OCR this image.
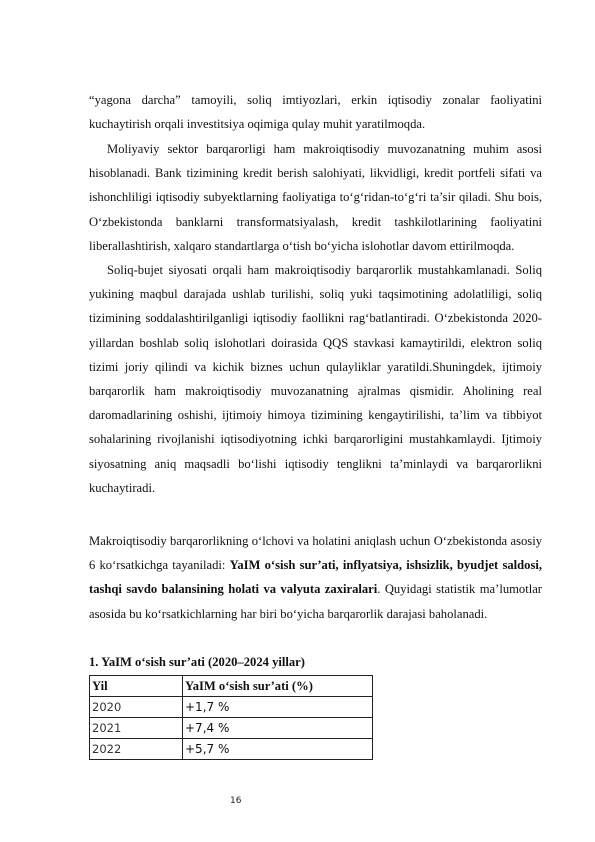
“yagona darcha” tamoyili, soliq imtiyozlari, erkin iqtisodiy zonalar faoliyatini kuchaytirish orqali investitsiya oqimiga qulay muhit yaratilmoqda.

Moliyaviy sektor barqarorligi ham makroiqtisodiy muvozanatning muhim asosi hisoblanadi. Bank tizimining kredit berish salohiyati, likvidligi, kredit portfeli sifati va ishonchliligi iqtisodiy subyektlarning faoliyatiga to‘g‘ridan-to‘g‘ri ta’sir qiladi. Shu bois, O‘zbekistonda banklarni transformatsiyalash, kredit tashkilotlarining faoliyatini liberallashtirish, xalqaro standartlarga o‘tish bo‘yicha islohotlar davom ettirilmoqda.

Soliq-bujet siyosati orqali ham makroiqtisodiy barqarorlik mustahkamlanadi. Soliq yukining maqbul darajada ushlab turilishi, soliq yuki taqsimotining adolatliligi, soliq tizimining soddalashtirilganligi iqtisodiy faollikni rag‘batlantiradi. O‘zbekistonda 2020-yillardan boshlab soliq islohotlari doirasida QQS stavkasi kamaytirildi, elektron soliq tizimi joriy qilindi va kichik biznes uchun qulayliklar yaratildi.Shuningdek, ijtimoiy barqarorlik ham makroiqtisodiy muvozanatning ajralmas qismidir. Aholining real daromadlarining oshishi, ijtimoiy himoya tizimining kengaytirilishi, ta’lim va tibbiyot sohalarining rivojlanishi iqtisodiyotning ichki barqarorligini mustahkamlaydi. Ijtimoiy siyosatning aniq maqsadli bo‘lishi iqtisodiy tenglikni ta’minlaydi va barqarorlikni kuchaytiradi.

Makroiqtisodiy barqarorlikning o‘lchovi va holatini aniqlash uchun O‘zbekistonda asosiy 6 ko‘rsatkichga tayaniladi: YaIM o‘sish sur’ati, inflyatsiya, ishsizlik, byudjet saldosi, tashqi savdo balansining holati va valyuta zaxiralari. Quyidagi statistik ma’lumotlar asosida bu ko‘rsatkichlarning har biri bo‘yicha barqarorlik darajasi baholanadi.

1. YaIM o‘sish sur’ati (2020–2024 yillar)

Yil	YaIM o‘sish sur’ati (%)
2020	+1,7 %
2021	+7,4 %
2022	+5,7 %
16
